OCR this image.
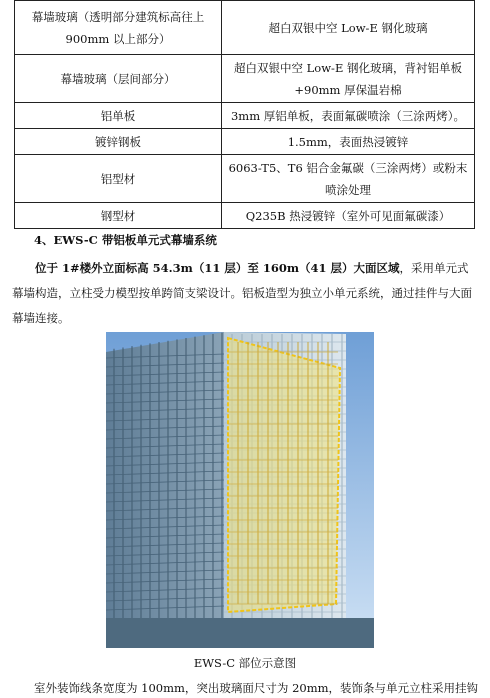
幕墙玻璃（透明部分建筑标高往上900mm 以上部分）	超白双银中空 Low-E 钢化玻璃
幕墙玻璃（层间部分）	超白双银中空 Low-E 钢化玻璃，背衬铝单板+90mm 厚保温岩棉
铝单板	3mm 厚铝单板，表面氟碳喷涂（三涂两烤）。
镀锌钢板	1.5mm，表面热浸镀锌
铝型材	6063-T5、T6 铝合金氟碳（三涂两烤）或粉末喷涂处理
钢型材	Q235B 热浸镀锌（室外可见面氟碳漆）
4、EWS-C 带铝板单元式幕墙系统

位于 1#楼外立面标高 54.3m（11 层）至 160m（41 层）大面区域，采用单元式幕墙构造，立柱受力模型按单跨简支梁设计。铝板造型为独立小单元系统，通过挂件与大面幕墙连接。

EWS-C 部位示意图
室外装饰线条宽度为 100mm，突出玻璃面尺寸为 20mm，装饰条与单元立柱采用挂钩
